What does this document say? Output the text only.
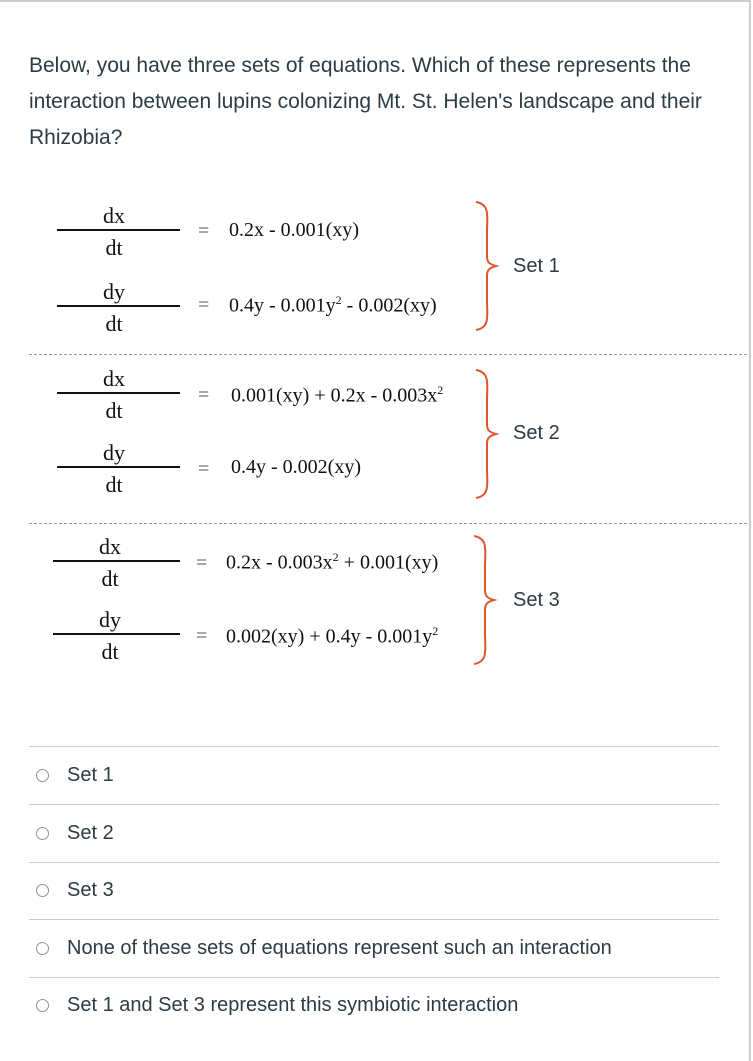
Below, you have three sets of equations. Which of these represents the interaction between lupins colonizing Mt. St. Helen's landscape and their Rhizobia?
dx
dt
= 0.2x - 0.001(xy)
dy
dt
= $0.4y - 0.001y^2 - 0.002(xy)$
Set 1
dx
dt
= $0.001(xy) + 0.2x - 0.003x^2$
dy
dt
= 0.4y - 0.002(xy)
Set 2
dx
dt
= $0.2x - 0.003x^2 + 0.001(xy)$
dy
dt
= $0.002(xy) + 0.4y - 0.001y^2$
Set 3
Set 1
Set 2
Set 3
None of these sets of equations represent such an interaction
Set 1 and Set 3 represent this symbiotic interaction
